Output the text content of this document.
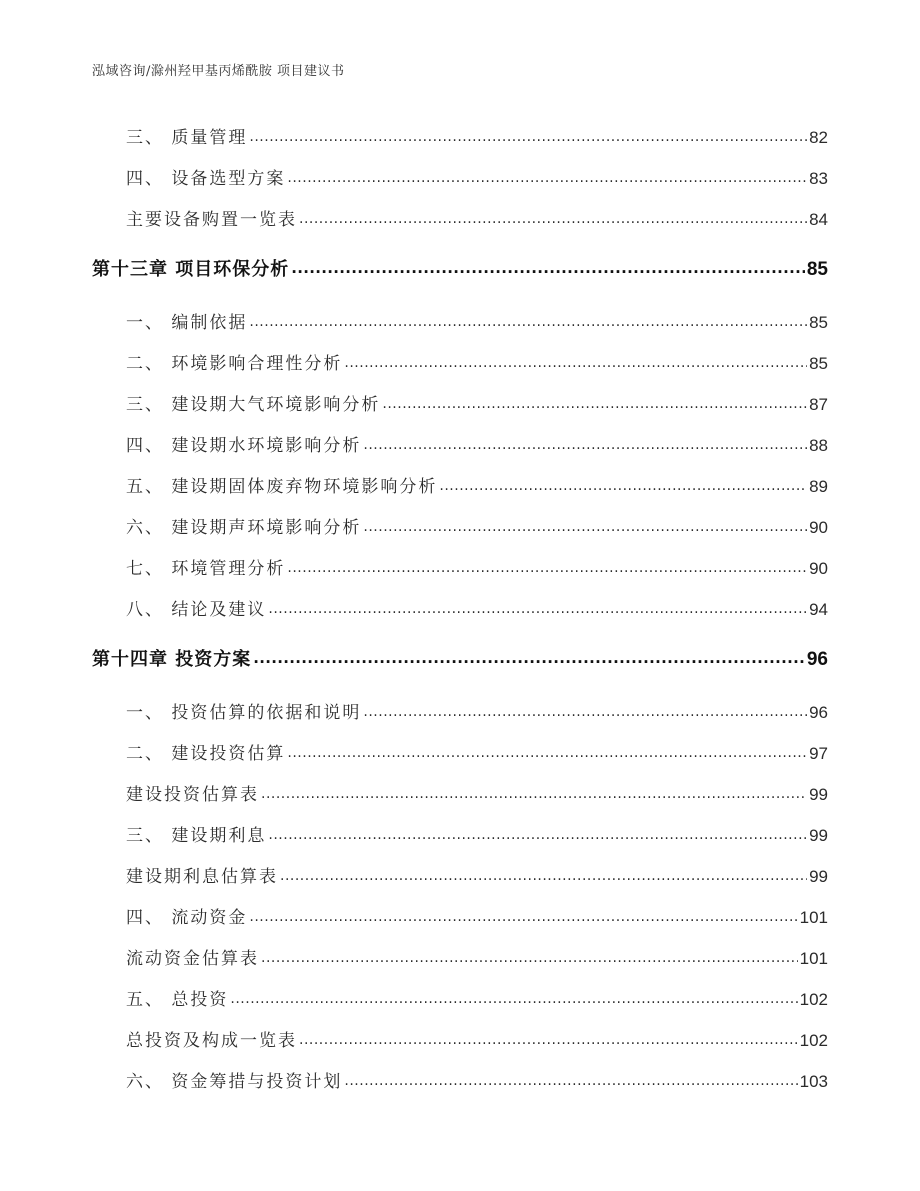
泓域咨询/滁州羟甲基丙烯酰胺 项目建议书
三、 质量管理 .....	82
四、 设备选型方案 .....	83
主要设备购置一览表 .....	84
第十三章 项目环保分析 .....	85
一、 编制依据 .....	85
二、 环境影响合理性分析 .....	85
三、 建设期大气环境影响分析 .....	87
四、 建设期水环境影响分析 .....	88
五、 建设期固体废弃物环境影响分析 .....	89
六、 建设期声环境影响分析 .....	90
七、 环境管理分析 .....	90
八、 结论及建议 .....	94
第十四章 投资方案 .....	96
一、 投资估算的依据和说明 .....	96
二、 建设投资估算 .....	97
建设投资估算表 .....	99
三、 建设期利息 .....	99
建设期利息估算表 .....	99
四、 流动资金 .....	101
流动资金估算表 .....	101
五、 总投资 .....	102
总投资及构成一览表 .....	102
六、 资金筹措与投资计划 .....	103
